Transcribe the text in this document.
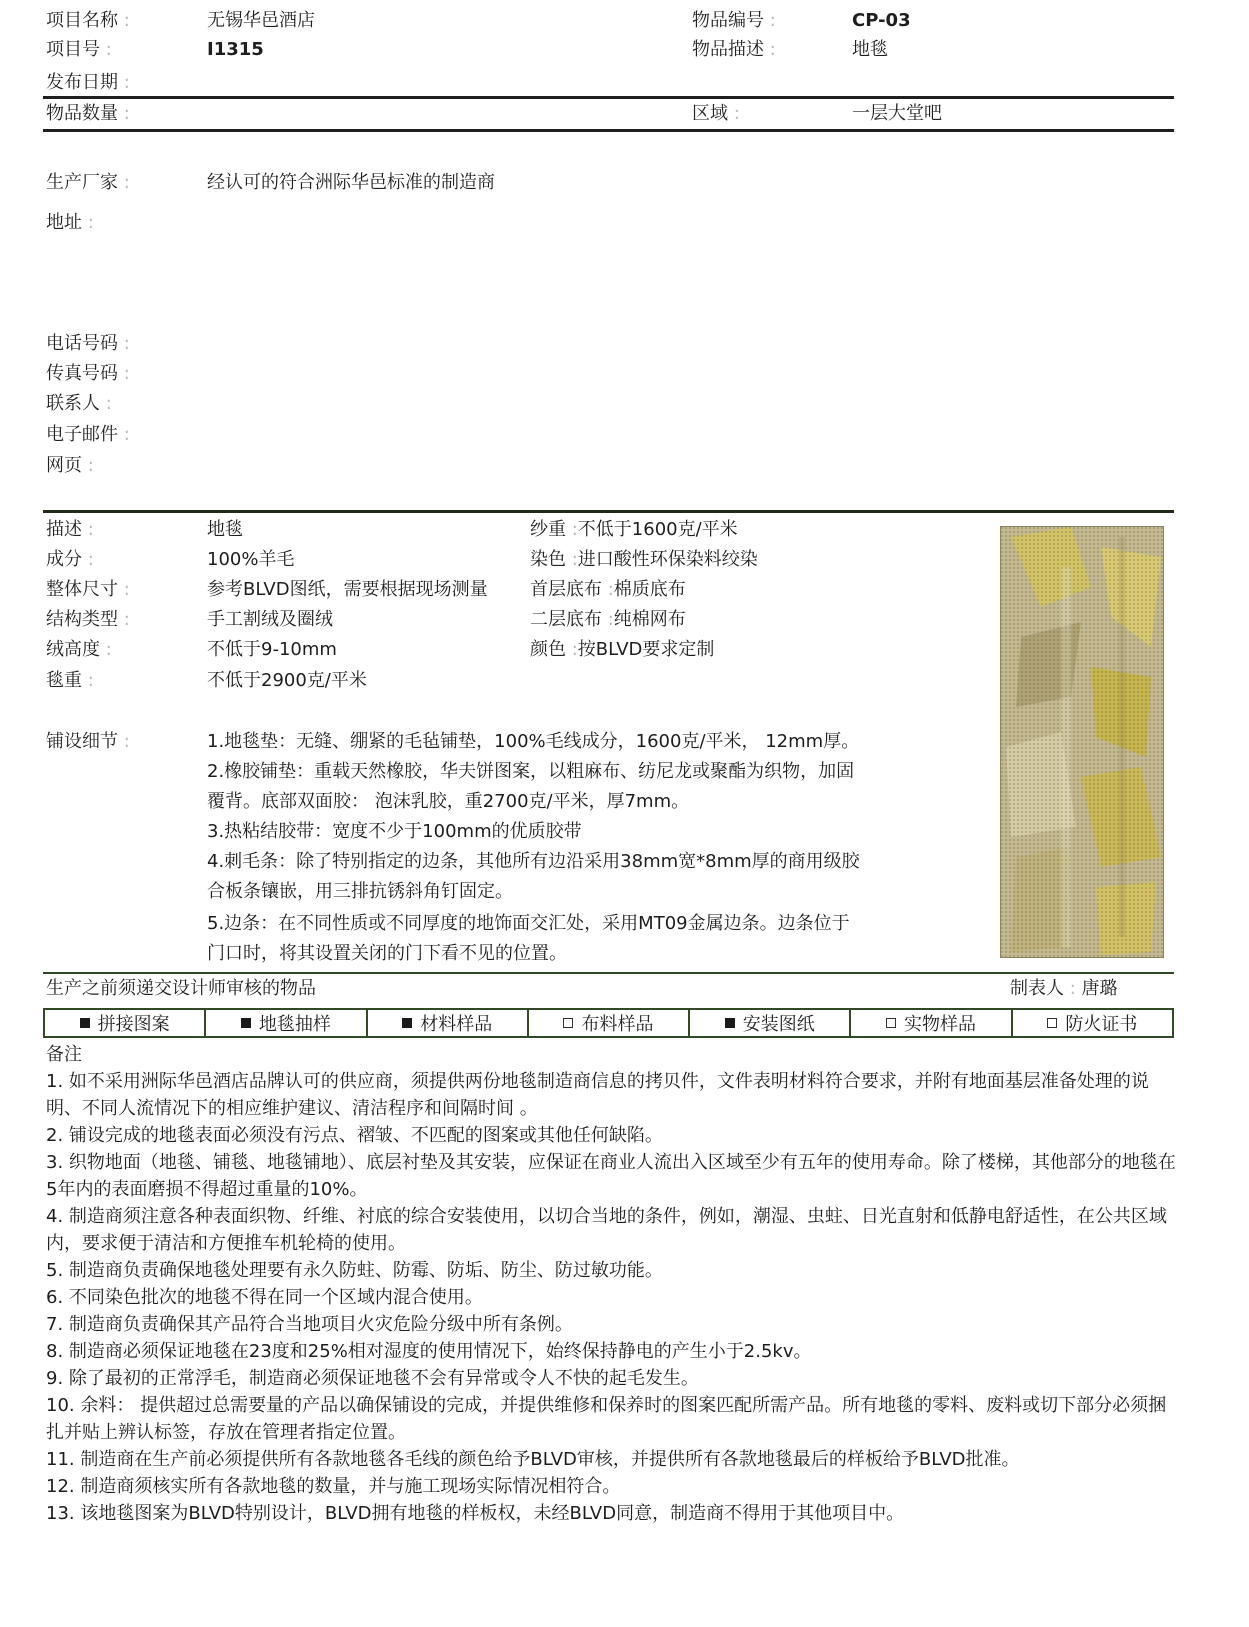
项目名称 :	无锡华邑酒店
项目号 :	I1315
发布日期 :
物品编号 :	CP-03
物品描述 :	地毯
物品数量 :	区域 :	一层大堂吧
生产厂家 :	经认可的符合洲际华邑标准的制造商
地址 :
电话号码 :
传真号码 :
联系人 :
电子邮件 :
网页 :
描述 :	地毯
成分 :	100%羊毛
整体尺寸 :	参考BLVD图纸，需要根据现场测量
结构类型 :	手工割绒及圈绒
绒高度 :	不低于9-10mm
毯重 :	不低于2900克/平米
纱重 : 不低于1600克/平米
染色 : 进口酸性环保染料绞染
首层底布 : 棉质底布
二层底布 : 纯棉网布
颜色 : 按BLVD要求定制
铺设细节 :	1.地毯垫：无缝、绷紧的毛毡铺垫，100%毛线成分，1600克/平米， 12mm厚。
2.橡胶铺垫：重载天然橡胶，华夫饼图案，以粗麻布、纺尼龙或聚酯为织物，加固覆背。底部双面胶： 泡沫乳胶，重2700克/平米，厚7mm。
3.热粘结胶带：宽度不少于100mm的优质胶带
4.刺毛条：除了特别指定的边条，其他所有边沿采用38mm宽*8mm厚的商用级胶合板条镶嵌，用三排抗锈斜角钉固定。
5.边条：在不同性质或不同厚度的地饰面交汇处，采用MT09金属边条。边条位于门口时，将其设置关闭的门下看不见的位置。
生产之前须递交设计师审核的物品	制表人 : 唐璐
拼接图案	地毯抽样	材料样品	布料样品	安装图纸	实物样品	防火证书
备注
1. 如不采用洲际华邑酒店品牌认可的供应商，须提供两份地毯制造商信息的拷贝件，文件表明材料符合要求，并附有地面基层准备处理的说明、不同人流情况下的相应维护建议、清洁程序和间隔时间 。
2. 铺设完成的地毯表面必须没有污点、褶皱、不匹配的图案或其他任何缺陷。
3. 织物地面（地毯、铺毯、地毯铺地）、底层衬垫及其安装，应保证在商业人流出入区域至少有五年的使用寿命。除了楼梯，其他部分的地毯在5年内的表面磨损不得超过重量的10%。
4. 制造商须注意各种表面织物、纤维、衬底的综合安装使用，以切合当地的条件，例如，潮湿、虫蛀、日光直射和低静电舒适性，在公共区域内，要求便于清洁和方便推车机轮椅的使用。
5. 制造商负责确保地毯处理要有永久防蛀、防霉、防垢、防尘、防过敏功能。
6. 不同染色批次的地毯不得在同一个区域内混合使用。
7. 制造商负责确保其产品符合当地项目火灾危险分级中所有条例。
8. 制造商必须保证地毯在23度和25%相对湿度的使用情况下，始终保持静电的产生小于2.5kv。
9. 除了最初的正常浮毛，制造商必须保证地毯不会有异常或令人不快的起毛发生。
10. 余料： 提供超过总需要量的产品以确保铺设的完成，并提供维修和保养时的图案匹配所需产品。所有地毯的零料、废料或切下部分必须捆扎并贴上辨认标签，存放在管理者指定位置。
11. 制造商在生产前必须提供所有各款地毯各毛线的颜色给予BLVD审核，并提供所有各款地毯最后的样板给予BLVD批准。
12. 制造商须核实所有各款地毯的数量，并与施工现场实际情况相符合。
13. 该地毯图案为BLVD特别设计，BLVD拥有地毯的样板权，未经BLVD同意，制造商不得用于其他项目中。
